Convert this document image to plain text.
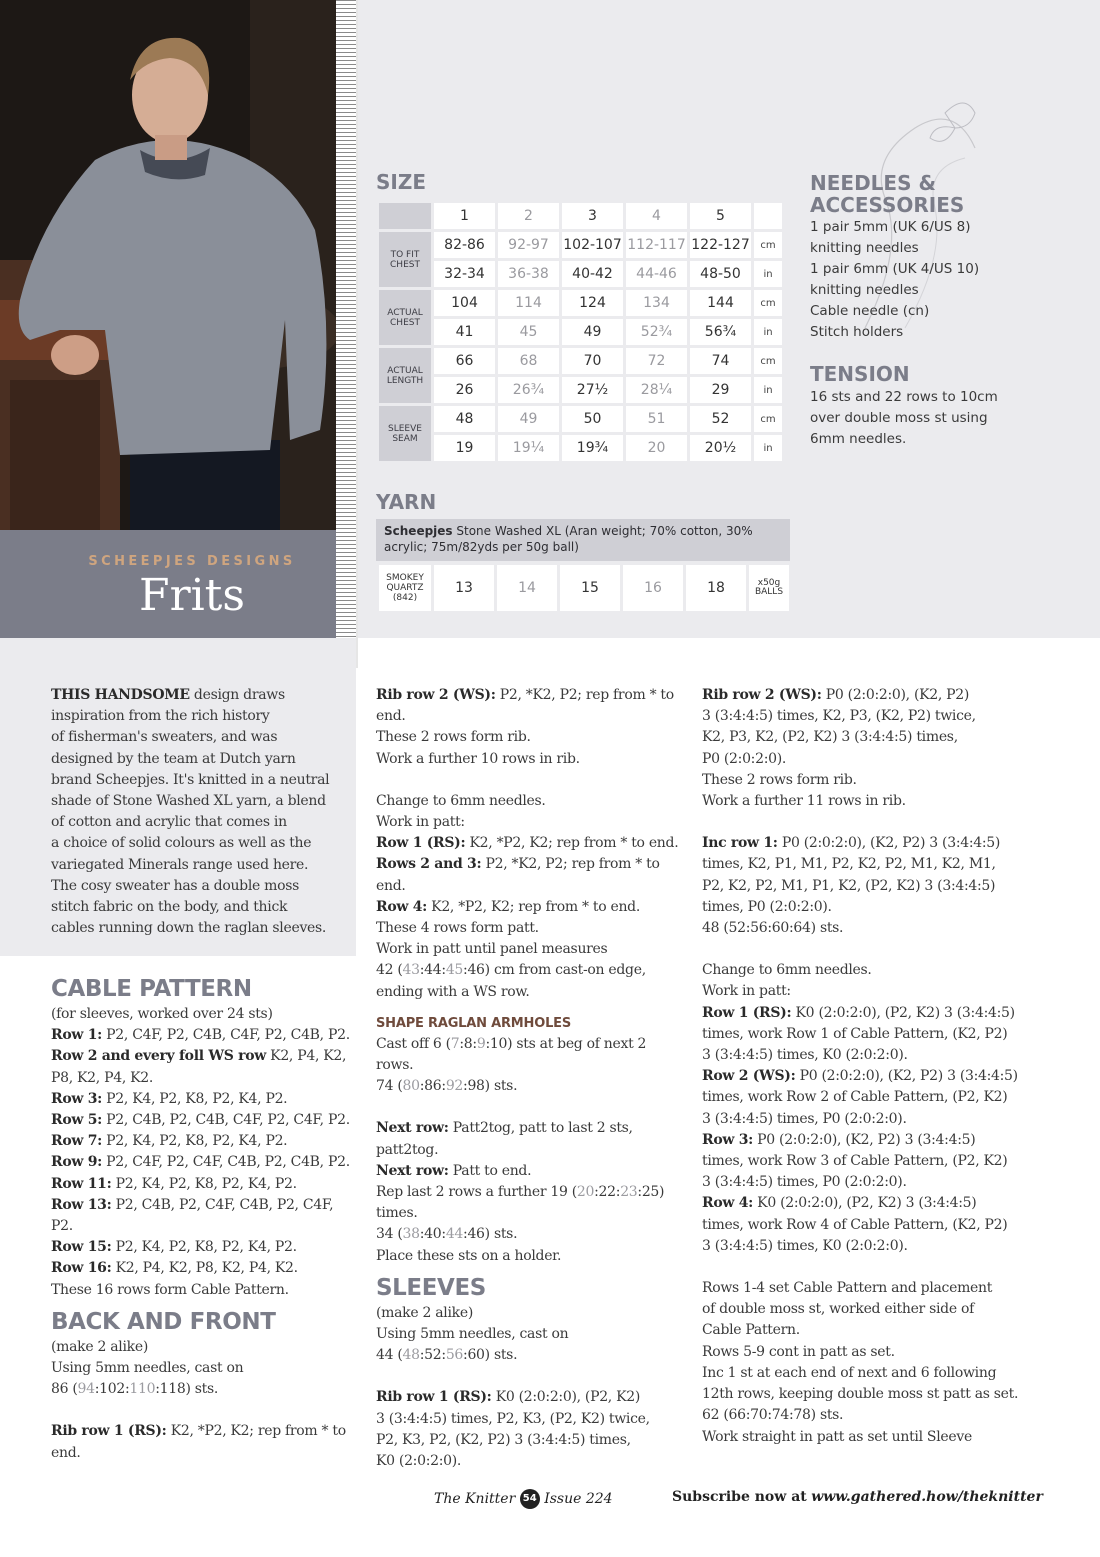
SCHEEPJES DESIGNS
Frits
SIZE
	1	2	3	4	5	
TO FIT CHEST	82-86	92-97	102-107	112-117	122-127	cm
	32-34	36-38	40-42	44-46	48-50	in
ACTUAL CHEST	104	114	124	134	144	cm
	41	45	49	52¾	56¾	in
ACTUAL LENGTH	66	68	70	72	74	cm
	26	26¾	27½	28¼	29	in
SLEEVE SEAM	48	49	50	51	52	cm
	19	19¼	19¾	20	20½	in
YARN
Scheepjes Stone Washed XL (Aran weight; 70% cotton, 30% acrylic; 75m/82yds per 50g ball)
SMOKEY QUARTZ (842)	13	14	15	16	18	x50g BALLS
NEEDLES & ACCESSORIES
1 pair 5mm (UK 6/US 8)
knitting needles
1 pair 6mm (UK 4/US 10)
knitting needles
Cable needle (cn)
Stitch holders
TENSION
16 sts and 22 rows to 10cm
over double moss st using
6mm needles.

THIS HANDSOME design draws

inspiration from the rich history

of fisherman's sweaters, and was

designed by the team at Dutch yarn

brand Scheepjes. It's knitted in a neutral

shade of Stone Washed XL yarn, a blend

of cotton and acrylic that comes in

a choice of solid colours as well as the

variegated Minerals range used here.

The cosy sweater has a double moss

stitch fabric on the body, and thick

cables running down the raglan sleeves.

CABLE PATTERN

(for sleeves, worked over 24 sts)

Row 1: P2, C4F, P2, C4B, C4F, P2, C4B, P2.

Row 2 and every foll WS row K2, P4, K2,

P8, K2, P4, K2.

Row 3: P2, K4, P2, K8, P2, K4, P2.

Row 5: P2, C4B, P2, C4B, C4F, P2, C4F, P2.

Row 7: P2, K4, P2, K8, P2, K4, P2.

Row 9: P2, C4F, P2, C4F, C4B, P2, C4B, P2.

Row 11: P2, K4, P2, K8, P2, K4, P2.

Row 13: P2, C4B, P2, C4F, C4B, P2, C4F, P2.

Row 15: P2, K4, P2, K8, P2, K4, P2.

Row 16: K2, P4, K2, P8, K2, P4, K2.

These 16 rows form Cable Pattern.

BACK AND FRONT

(make 2 alike)

Using 5mm needles, cast on

86 (94:102:110:118) sts.

Rib row 1 (RS): K2, *P2, K2; rep from * to

end.

Rib row 2 (WS): P2, *K2, P2; rep from * to

end.

These 2 rows form rib.

Work a further 10 rows in rib.

Change to 6mm needles.

Work in patt:

Row 1 (RS): K2, *P2, K2; rep from * to end.

Rows 2 and 3: P2, *K2, P2; rep from * to end.

Row 4: K2, *P2, K2; rep from * to end.

These 4 rows form patt.

Work in patt until panel measures

42 (43:44:45:46) cm from cast-on edge,

ending with a WS row.

SHAPE RAGLAN ARMHOLES

Cast off 6 (7:8:9:10) sts at beg of next 2 rows.

74 (80:86:92:98) sts.

Next row: Patt2tog, patt to last 2 sts,

patt2tog.

Next row: Patt to end.

Rep last 2 rows a further 19 (20:22:23:25)

times.

34 (38:40:44:46) sts.

Place these sts on a holder.

SLEEVES

(make 2 alike)

Using 5mm needles, cast on

44 (48:52:56:60) sts.

Rib row 1 (RS): K0 (2:0:2:0), (P2, K2)

3 (3:4:4:5) times, P2, K3, (P2, K2) twice,

P2, K3, P2, (K2, P2) 3 (3:4:4:5) times,

K0 (2:0:2:0).

Rib row 2 (WS): P0 (2:0:2:0), (K2, P2)

3 (3:4:4:5) times, K2, P3, (K2, P2) twice,

K2, P3, K2, (P2, K2) 3 (3:4:4:5) times,

P0 (2:0:2:0).

These 2 rows form rib.

Work a further 11 rows in rib.

Inc row 1: P0 (2:0:2:0), (K2, P2) 3 (3:4:4:5)

times, K2, P1, M1, P2, K2, P2, M1, K2, M1,

P2, K2, P2, M1, P1, K2, (P2, K2) 3 (3:4:4:5)

times, P0 (2:0:2:0).

48 (52:56:60:64) sts.

Change to 6mm needles.

Work in patt:

Row 1 (RS): K0 (2:0:2:0), (P2, K2) 3 (3:4:4:5)

times, work Row 1 of Cable Pattern, (K2, P2)

3 (3:4:4:5) times, K0 (2:0:2:0).

Row 2 (WS): P0 (2:0:2:0), (K2, P2) 3 (3:4:4:5)

times, work Row 2 of Cable Pattern, (P2, K2)

3 (3:4:4:5) times, P0 (2:0:2:0).

Row 3: P0 (2:0:2:0), (K2, P2) 3 (3:4:4:5)

times, work Row 3 of Cable Pattern, (P2, K2)

3 (3:4:4:5) times, P0 (2:0:2:0).

Row 4: K0 (2:0:2:0), (P2, K2) 3 (3:4:4:5)

times, work Row 4 of Cable Pattern, (K2, P2)

3 (3:4:4:5) times, K0 (2:0:2:0).

Rows 1-4 set Cable Pattern and placement

of double moss st, worked either side of

Cable Pattern.

Rows 5-9 cont in patt as set.

Inc 1 st at each end of next and 6 following

12th rows, keeping double moss st patt as set.

62 (66:70:74:78) sts.

Work straight in patt as set until Sleeve

The Knitter 54 Issue 224	Subscribe now at www.gathered.how/theknitter
